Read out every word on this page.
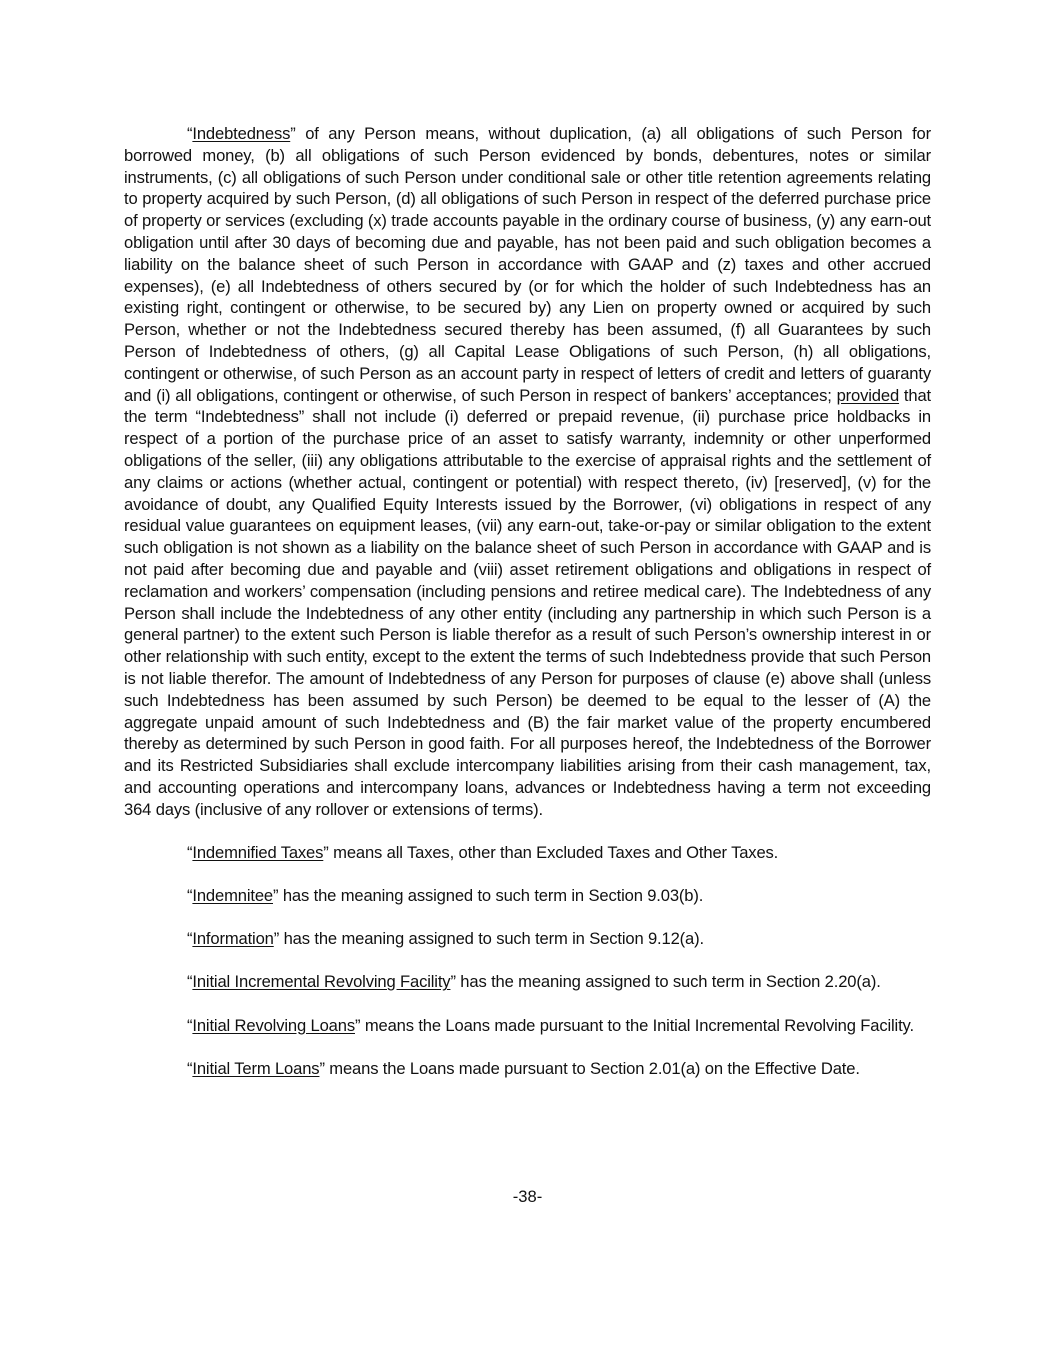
“Indebtedness” of any Person means, without duplication, (a) all obligations of such Person for borrowed money, (b) all obligations of such Person evidenced by bonds, debentures, notes or similar instruments, (c) all obligations of such Person under conditional sale or other title retention agreements relating to property acquired by such Person, (d) all obligations of such Person in respect of the deferred purchase price of property or services (excluding (x) trade accounts payable in the ordinary course of business, (y) any earn-out obligation until after 30 days of becoming due and payable, has not been paid and such obligation becomes a liability on the balance sheet of such Person in accordance with GAAP and (z) taxes and other accrued expenses), (e) all Indebtedness of others secured by (or for which the holder of such Indebtedness has an existing right, contingent or otherwise, to be secured by) any Lien on property owned or acquired by such Person, whether or not the Indebtedness secured thereby has been assumed, (f) all Guarantees by such Person of Indebtedness of others, (g) all Capital Lease Obligations of such Person, (h) all obligations, contingent or otherwise, of such Person as an account party in respect of letters of credit and letters of guaranty and (i) all obligations, contingent or otherwise, of such Person in respect of bankers’ acceptances; provided that the term “Indebtedness” shall not include (i) deferred or prepaid revenue, (ii) purchase price holdbacks in respect of a portion of the purchase price of an asset to satisfy warranty, indemnity or other unperformed obligations of the seller, (iii) any obligations attributable to the exercise of appraisal rights and the settlement of any claims or actions (whether actual, contingent or potential) with respect thereto, (iv) [reserved], (v) for the avoidance of doubt, any Qualified Equity Interests issued by the Borrower, (vi) obligations in respect of any residual value guarantees on equipment leases, (vii) any earn-out, take-or-pay or similar obligation to the extent such obligation is not shown as a liability on the balance sheet of such Person in accordance with GAAP and is not paid after becoming due and payable and (viii) asset retirement obligations and obligations in respect of reclamation and workers’ compensation (including pensions and retiree medical care). The Indebtedness of any Person shall include the Indebtedness of any other entity (including any partnership in which such Person is a general partner) to the extent such Person is liable therefor as a result of such Person’s ownership interest in or other relationship with such entity, except to the extent the terms of such Indebtedness provide that such Person is not liable therefor. The amount of Indebtedness of any Person for purposes of clause (e) above shall (unless such Indebtedness has been assumed by such Person) be deemed to be equal to the lesser of (A) the aggregate unpaid amount of such Indebtedness and (B) the fair market value of the property encumbered thereby as determined by such Person in good faith. For all purposes hereof, the Indebtedness of the Borrower and its Restricted Subsidiaries shall exclude intercompany liabilities arising from their cash management, tax, and accounting operations and intercompany loans, advances or Indebtedness having a term not exceeding 364 days (inclusive of any rollover or extensions of terms).

“Indemnified Taxes” means all Taxes, other than Excluded Taxes and Other Taxes.

“Indemnitee” has the meaning assigned to such term in Section 9.03(b).

“Information” has the meaning assigned to such term in Section 9.12(a).

“Initial Incremental Revolving Facility” has the meaning assigned to such term in Section 2.20(a).

“Initial Revolving Loans” means the Loans made pursuant to the Initial Incremental Revolving Facility.

“Initial Term Loans” means the Loans made pursuant to Section 2.01(a) on the Effective Date.

-38-
